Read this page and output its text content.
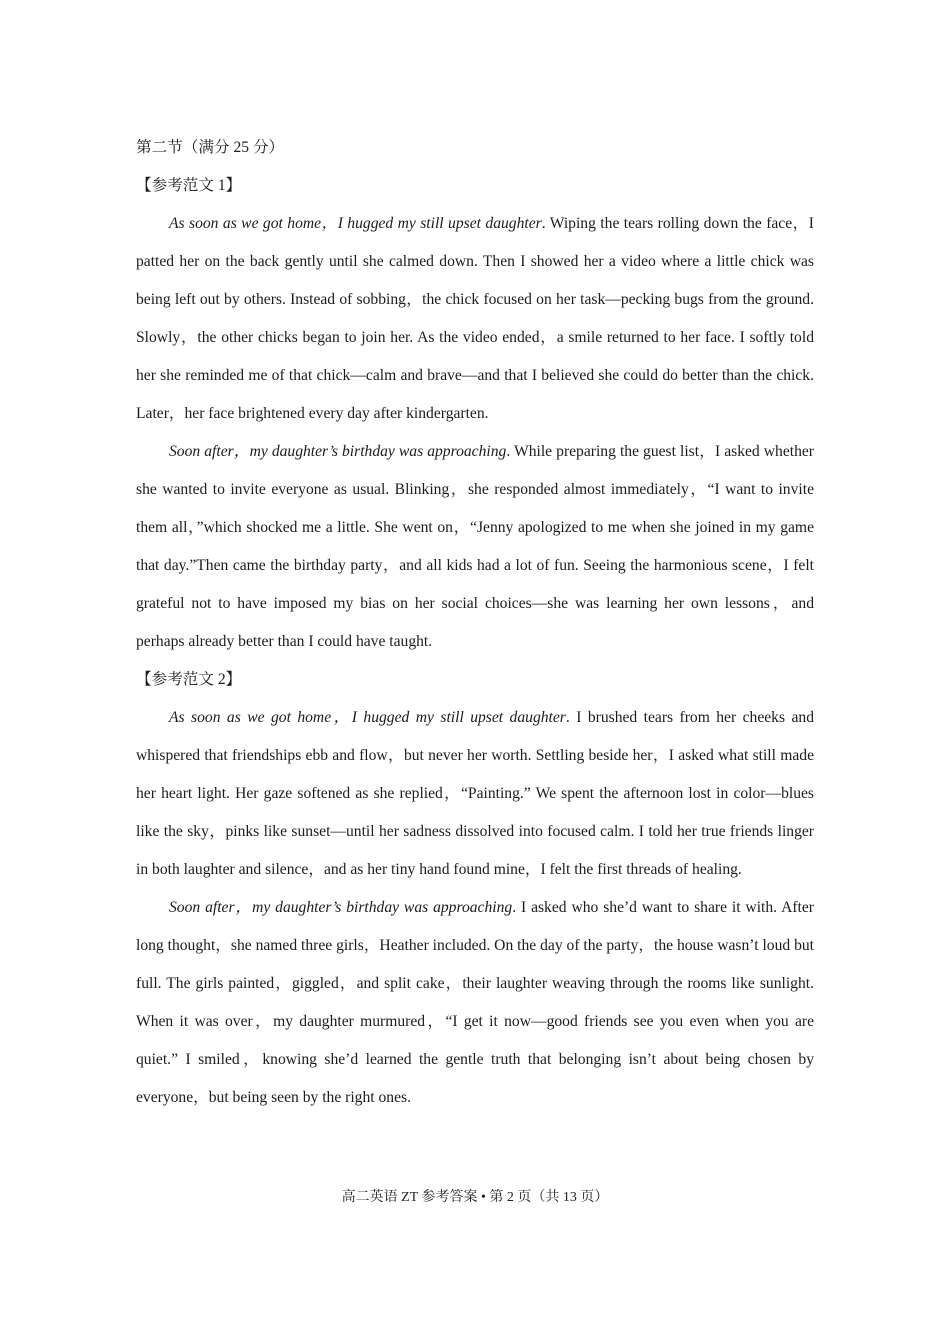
第二节（满分 25 分）
【参考范文 1】

As soon as we got home，I hugged my still upset daughter. Wiping the tears rolling down the face，I patted her on the back gently until she calmed down. Then I showed her a video where a little chick was being left out by others. Instead of sobbing，the chick focused on her task—pecking bugs from the ground. Slowly，the other chicks began to join her. As the video ended，a smile returned to her face. I softly told her she reminded me of that chick—calm and brave—and that I believed she could do better than the chick. Later，her face brightened every day after kindergarten.

Soon after，my daughter’s birthday was approaching. While preparing the guest list，I asked whether she wanted to invite everyone as usual. Blinking，she responded almost immediately，“I want to invite them all，”which shocked me a little. She went on，“Jenny apologized to me when she joined in my game that day.”Then came the birthday party，and all kids had a lot of fun. Seeing the harmonious scene，I felt grateful not to have imposed my bias on her social choices—she was learning her own lessons，and perhaps already better than I could have taught.

【参考范文 2】

As soon as we got home，I hugged my still upset daughter. I brushed tears from her cheeks and whispered that friendships ebb and flow，but never her worth. Settling beside her，I asked what still made her heart light. Her gaze softened as she replied，“Painting.” We spent the afternoon lost in color—blues like the sky，pinks like sunset—until her sadness dissolved into focused calm. I told her true friends linger in both laughter and silence，and as her tiny hand found mine，I felt the first threads of healing.

Soon after，my daughter’s birthday was approaching. I asked who she’d want to share it with. After long thought，she named three girls，Heather included. On the day of the party，the house wasn’t loud but full. The girls painted，giggled，and split cake，their laughter weaving through the rooms like sunlight. When it was over，my daughter murmured，“I get it now—good friends see you even when you are quiet.” I smiled，knowing she’d learned the gentle truth that belonging isn’t about being chosen by everyone，but being seen by the right ones.

高二英语 ZT 参考答案 • 第 2 页（共 13 页）
